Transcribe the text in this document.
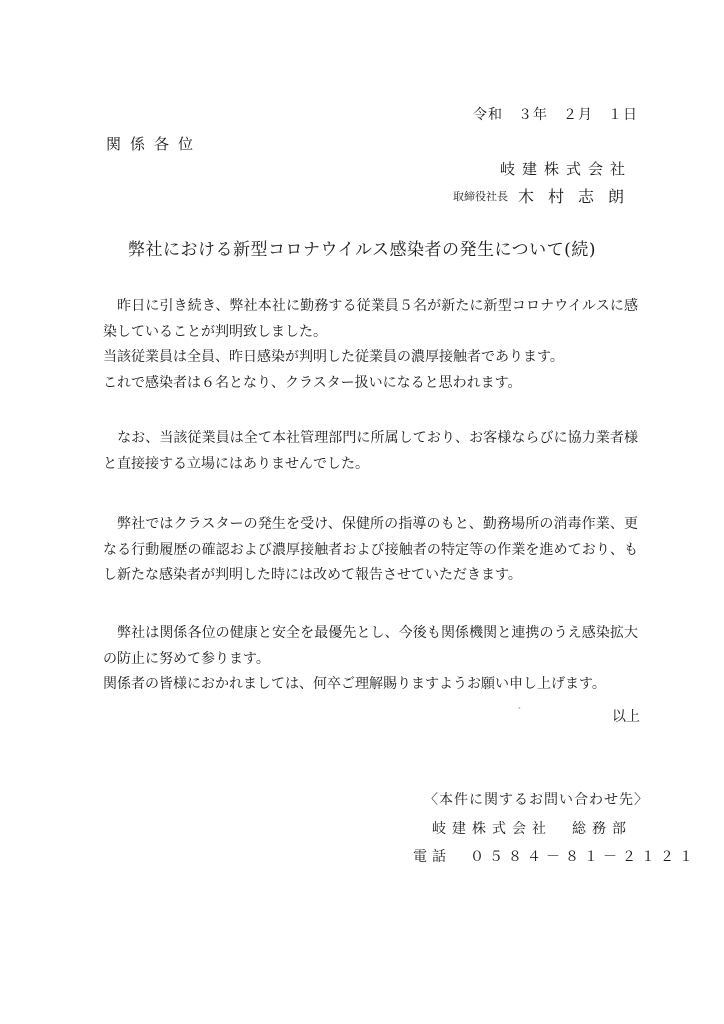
令和　３年　２月　１日
関係各位
岐建株式会社
取締役社長 木村志朗
弊社における新型コロナウイルス感染者の発生について(続)

　昨日に引き続き、弊社本社に勤務する従業員５名が新たに新型コロナウイルスに感染していることが判明致しました。

当該従業員は全員、昨日感染が判明した従業員の濃厚接触者であります。

これで感染者は６名となり、クラスター扱いになると思われます。

　なお、当該従業員は全て本社管理部門に所属しており、お客様ならびに協力業者様と直接接する立場にはありませんでした。

　弊社ではクラスターの発生を受け、保健所の指導のもと、勤務場所の消毒作業、更なる行動履歴の確認および濃厚接触者および接触者の特定等の作業を進めており、もし新たな感染者が判明した時には改めて報告させていただきます。

　弊社は関係各位の健康と安全を最優先とし、今後も関係機関と連携のうえ感染拡大の防止に努めて参ります。

関係者の皆様におかれましては、何卒ご理解賜りますようお願い申し上げます。

ˊ	以上
〈本件に関するお問い合わせ先〉
岐建株式会社　総務部
電話　０５８４－８１－２１２１
